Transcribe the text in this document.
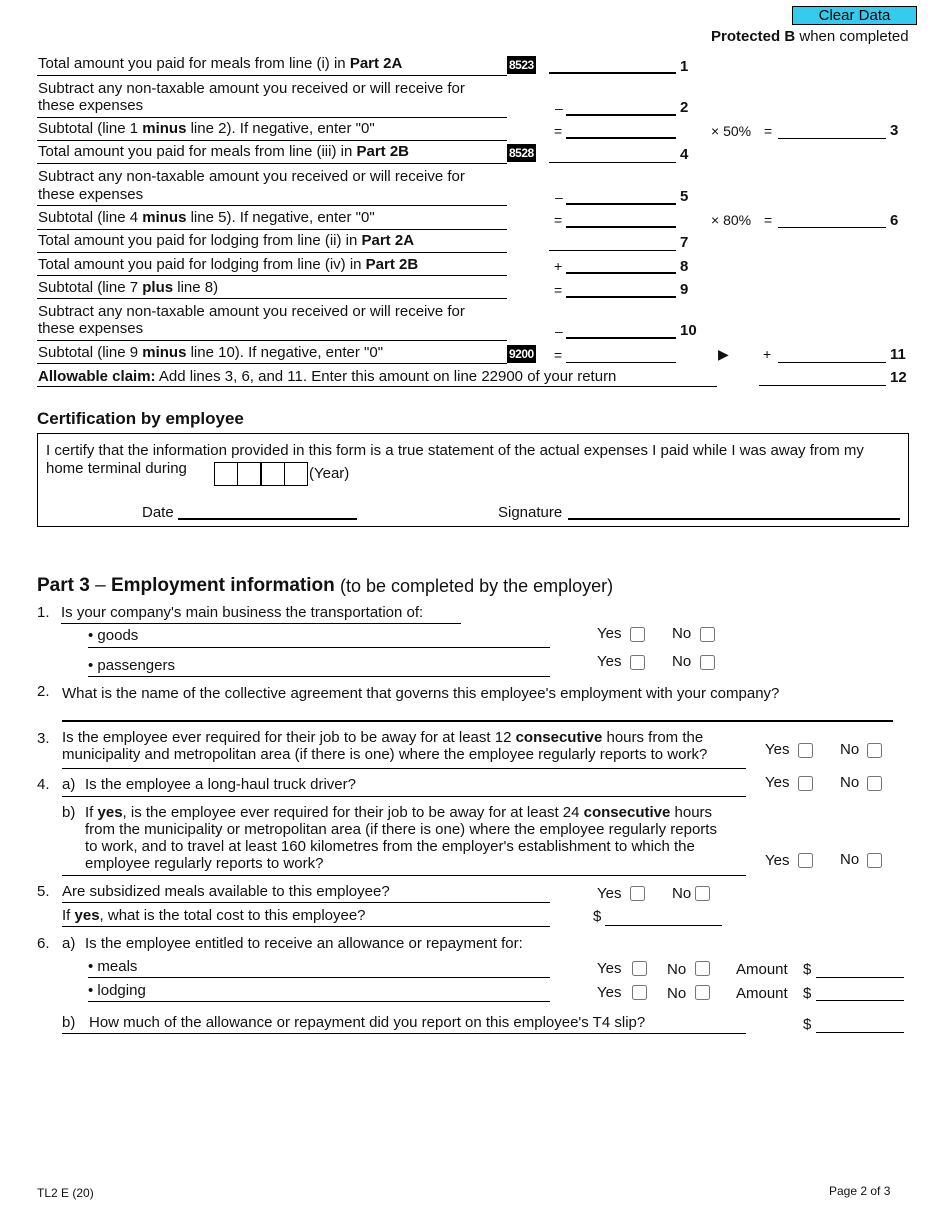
Clear Data
Protected B when completed
Total amount you paid for meals from line (i) in Part 2A	8523	1
Subtract any non-taxable amount you received or will receive for
these expenses	–	2
Subtotal (line 1 minus line 2). If negative, enter "0"	=	× 50% =	3
Total amount you paid for meals from line (iii) in Part 2B	8528	4
Subtract any non-taxable amount you received or will receive for
these expenses	–	5
Subtotal (line 4 minus line 5). If negative, enter "0"	=	× 80% =	6
Total amount you paid for lodging from line (ii) in Part 2A	7
Total amount you paid for lodging from line (iv) in Part 2B	+	8
Subtotal (line 7 plus line 8)	=	9
Subtract any non-taxable amount you received or will receive for
these expenses	–	10
Subtotal (line 9 minus line 10). If negative, enter "0"	9200 =	▶ +	11
Allowable claim: Add lines 3, 6, and 11. Enter this amount on line 22900 of your return	12
Certification by employee
I certify that the information provided in this form is a true statement of the actual expenses I paid while I was away from my
home terminal during	(Year)
Date	Signature
Part 3 – Employment information (to be completed by the employer)
1. Is your company's main business the transportation of:
• goods	Yes	No
• passengers	Yes	No
2. What is the name of the collective agreement that governs this employee's employment with your company?
3. Is the employee ever required for their job to be away for at least 12 consecutive hours from the
municipality and metropolitan area (if there is one) where the employee regularly reports to work?	Yes	No
4. a) Is the employee a long-haul truck driver?	Yes	No
b) If yes, is the employee ever required for their job to be away for at least 24 consecutive hours
from the municipality or metropolitan area (if there is one) where the employee regularly reports
to work, and to travel at least 160 kilometres from the employer's establishment to which the
employee regularly reports to work?	Yes	No
5. Are subsidized meals available to this employee?	Yes	No
If yes, what is the total cost to this employee?	$
6. a) Is the employee entitled to receive an allowance or repayment for:
• meals	Yes	No	Amount $
• lodging	Yes	No	Amount $
b) How much of the allowance or repayment did you report on this employee's T4 slip?	$
TL2 E (20)	Page 2 of 3
